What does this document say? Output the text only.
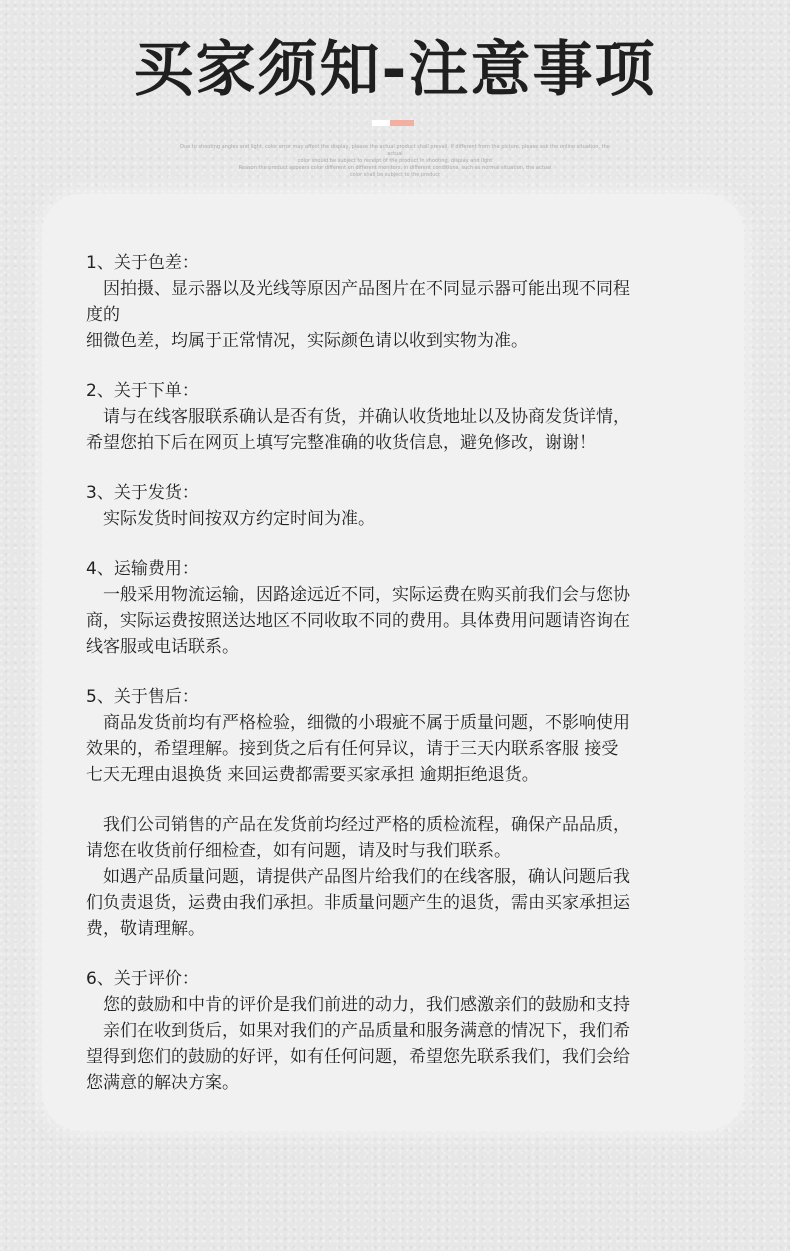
买家须知-注意事项
Due to shooting angles and light, color error may affect the display, please the actual product shall prevail. If different from the picture, please ask the online situation, the actual
color should be subject to receipt of the product in shooting, display and light
Reason the product appears color different on different monitors, in different conditions, such as normal situation, the actual
color shall be subject to the product
1、关于色差：
因拍摄、显示器以及光线等原因产品图片在不同显示器可能出现不同程
度的
细微色差，均属于正常情况，实际颜色请以收到实物为准。
2、关于下单：
请与在线客服联系确认是否有货，并确认收货地址以及协商发货详情，
希望您拍下后在网页上填写完整准确的收货信息，避免修改，谢谢！
3、关于发货：
实际发货时间按双方约定时间为准。
4、运输费用：
一般采用物流运输，因路途远近不同，实际运费在购买前我们会与您协
商，实际运费按照送达地区不同收取不同的费用。具体费用问题请咨询在
线客服或电话联系。
5、关于售后：
商品发货前均有严格检验，细微的小瑕疵不属于质量问题，不影响使用
效果的，希望理解。接到货之后有任何异议，请于三天内联系客服 接受
七天无理由退换货 来回运费都需要买家承担 逾期拒绝退货。
我们公司销售的产品在发货前均经过严格的质检流程，确保产品品质，
请您在收货前仔细检查，如有问题，请及时与我们联系。
如遇产品质量问题，请提供产品图片给我们的在线客服，确认问题后我
们负责退货，运费由我们承担。非质量问题产生的退货，需由买家承担运
费，敬请理解。
6、关于评价：
您的鼓励和中肯的评价是我们前进的动力，我们感激亲们的鼓励和支持
亲们在收到货后，如果对我们的产品质量和服务满意的情况下，我们希
望得到您们的鼓励的好评，如有任何问题，希望您先联系我们，我们会给
您满意的解决方案。
